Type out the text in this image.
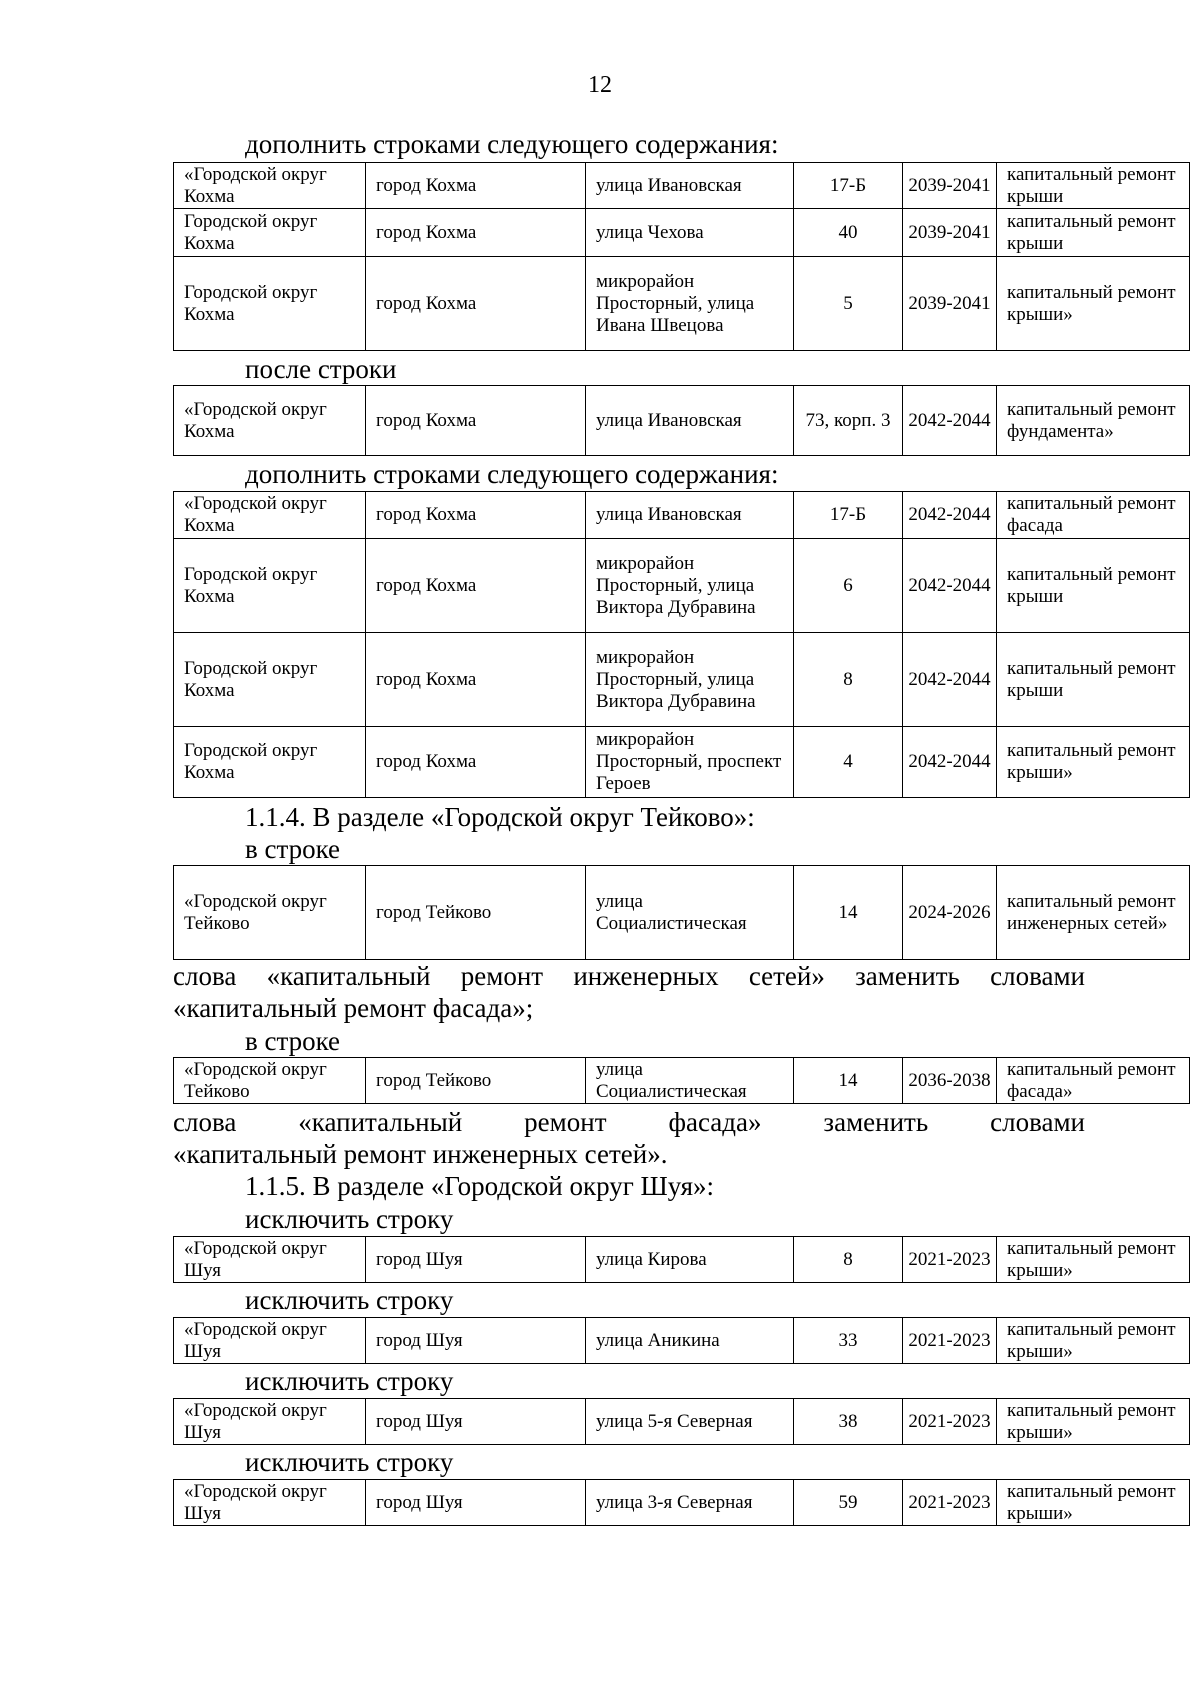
12
дополнить строками следующего содержания:
«Городской округ Кохма	город Кохма	улица Ивановская	17-Б	2039-2041	капитальный ремонт крыши
Городской округ Кохма	город Кохма	улица Чехова	40	2039-2041	капитальный ремонт крыши
Городской округ Кохма	город Кохма	микрорайон Просторный, улица Ивана Швецова	5	2039-2041	капитальный ремонт крыши»
после строки
«Городской округ Кохма	город Кохма	улица Ивановская	73, корп. 3	2042-2044	капитальный ремонт фундамента»
дополнить строками следующего содержания:
«Городской округ Кохма	город Кохма	улица Ивановская	17-Б	2042-2044	капитальный ремонт фасада
Городской округ Кохма	город Кохма	микрорайон Просторный, улица Виктора Дубравина	6	2042-2044	капитальный ремонт крыши
Городской округ Кохма	город Кохма	микрорайон Просторный, улица Виктора Дубравина	8	2042-2044	капитальный ремонт крыши
Городской округ Кохма	город Кохма	микрорайон Просторный, проспект Героев	4	2042-2044	капитальный ремонт крыши»
1.1.4. В разделе «Городской округ Тейково»:
в строке
«Городской округ Тейково	город Тейково	улица Социалистическая	14	2024-2026	капитальный ремонт инженерных сетей»
слова «капитальный ремонт инженерных сетей» заменить словами
«капитальный ремонт фасада»;
в строке
«Городской округ Тейково	город Тейково	улица Социалистическая	14	2036-2038	капитальный ремонт фасада»
слова «капитальный ремонт фасада» заменить словами
«капитальный ремонт инженерных сетей».
1.1.5. В разделе «Городской округ Шуя»:
исключить строку
«Городской округ Шуя	город Шуя	улица Кирова	8	2021-2023	капитальный ремонт крыши»
исключить строку
«Городской округ Шуя	город Шуя	улица Аникина	33	2021-2023	капитальный ремонт крыши»
исключить строку
«Городской округ Шуя	город Шуя	улица 5-я Северная	38	2021-2023	капитальный ремонт крыши»
исключить строку
«Городской округ Шуя	город Шуя	улица 3-я Северная	59	2021-2023	капитальный ремонт крыши»
